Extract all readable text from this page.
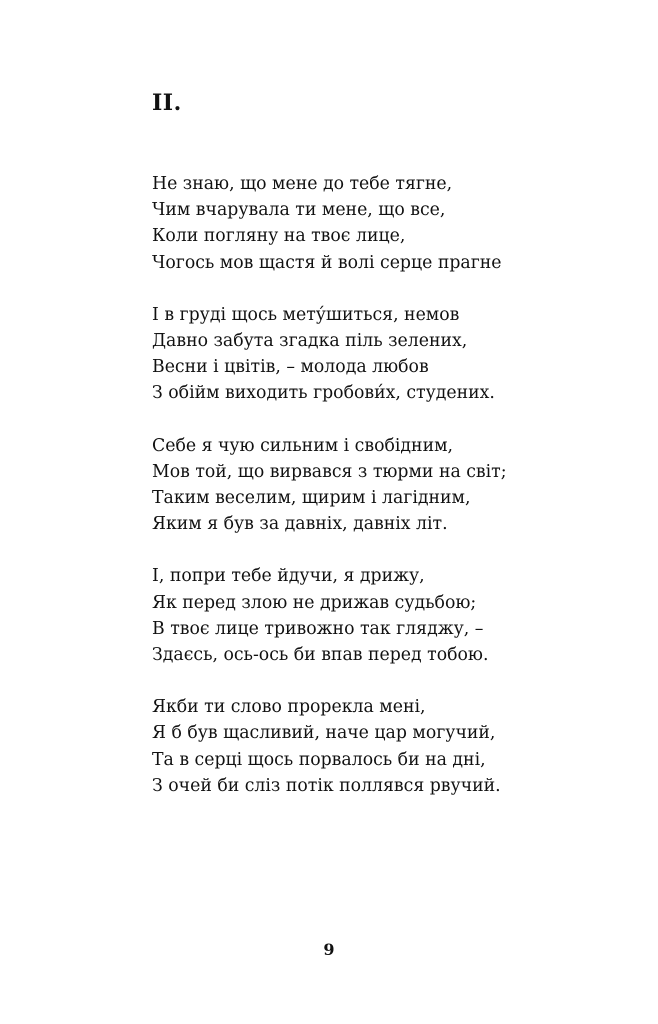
II.
Не знаю, що мене до тебе тягне,
Чим вчарувала ти мене, що все,
Коли погляну на твоє лице,
Чогось мов щастя й волі серце прагне
І в груді щось мету́шиться, немов
Давно забута згадка піль зелених,
Весни і цвітів, – молода любов
З обійм виходить гробови́х, студених.
Себе я чую сильним і свобідним,
Мов той, що вирвався з тюрми на світ;
Таким веселим, щирим і лагідним,
Яким я був за давніх, давніх літ.
І, попри тебе йдучи, я дрижу,
Як перед злою не дрижав судьбою;
В твоє лице тривожно так гляджу, –
Здаєсь, ось-ось би впав перед тобою.
Якби ти слово прорекла мені,
Я б був щасливий, наче цар могучий,
Та в серці щось порвалось би на дні,
З очей би сліз потік поллявся рвучий.
9
